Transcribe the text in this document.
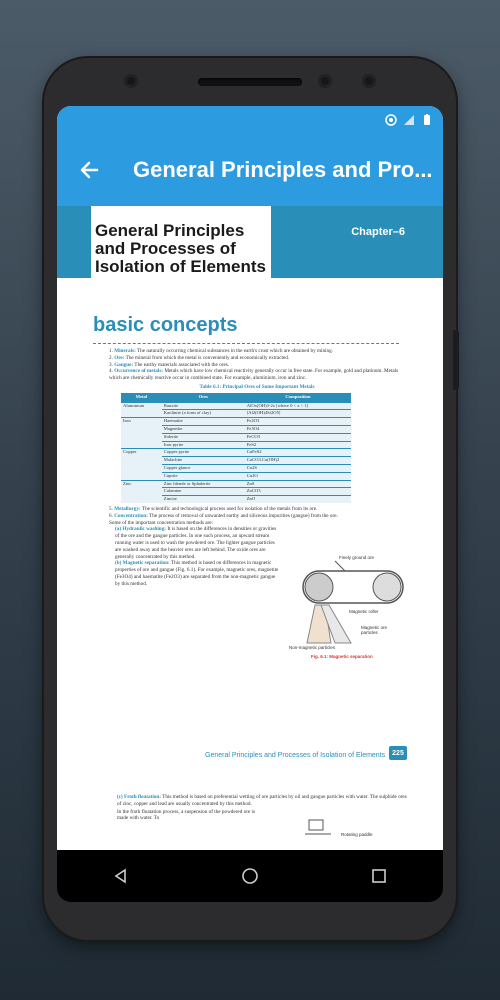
General Principles and Pro...
General Principles and Processes of Isolation of Elements
Chapter–6
basic concepts
1. Minerals: The naturally occurring chemical substances in the earth's crust which are obtained by mining.
2. Ore: The mineral from which the metal is conveniently and economically extracted.
3. Gangue: The earthy materials associated with the ores.
4. Occurrence of metals: Metals which have low chemical reactivity generally occur in free state. For example, gold and platinum. Metals which are chemically reactive occur in combined state. For example, aluminium, iron and zinc.
Table 6.1: Principal Ores of Some Important Metals
Metal	Ores	Composition
Aluminium	Bauxite	AlOx(OH)3-2x [where 0 < x < 1]
	Kaolinite (a form of clay)	[Al2(OH)4Si2O5]
Iron	Haematite	Fe2O3
	Magnetite	Fe3O4
	Siderite	FeCO3
	Iron pyrite	FeS2
Copper	Copper pyrite	CuFeS2
	Malachite	CuCO3.Cu(OH)2
	Copper glance	Cu2S
	Cuprite	Cu2O
Zinc	Zinc blende or Sphalerite	ZnS
	Calamine	ZnCO3
	Zincite	ZnO
5. Metallurgy: The scientific and technological process used for isolation of the metals from its ore.
6. Concentration: The process of removal of unwanted earthy and siliceous impurities (gangue) from the ore.
Some of the important concentration methods are:
(a) Hydraulic washing: It is based on the differences in densities or gravities of the ore and the gangue particles. In one such process, an upward stream running water is used to wash the powdered ore. The lighter gangue particles are washed away and the heavier ores are left behind. The oxide ores are generally concentrated by this method.
(b) Magnetic separation: This method is based on differences in magnetic properties of ore and gangue (Fig. 6.1). For example, magnetic ores, magnetite (Fe3O4) and haematite (Fe2O3) are separated from the non-magnetic gangue by this method.
Finely ground ore
Magnetic roller
Magnetic ore particles
Non-magnetic particles
Fig. 6.1: Magnetic separation
General Principles and Processes of Isolation of Elements	225
(c) Froth floatation: This method is based on preferential wetting of ore particles by oil and gangue particles with water. The sulphide ores of zinc, copper and lead are usually concentrated by this method.
In the froth floatation process, a suspension of the powdered ore is made with water. To
Rotating paddle
